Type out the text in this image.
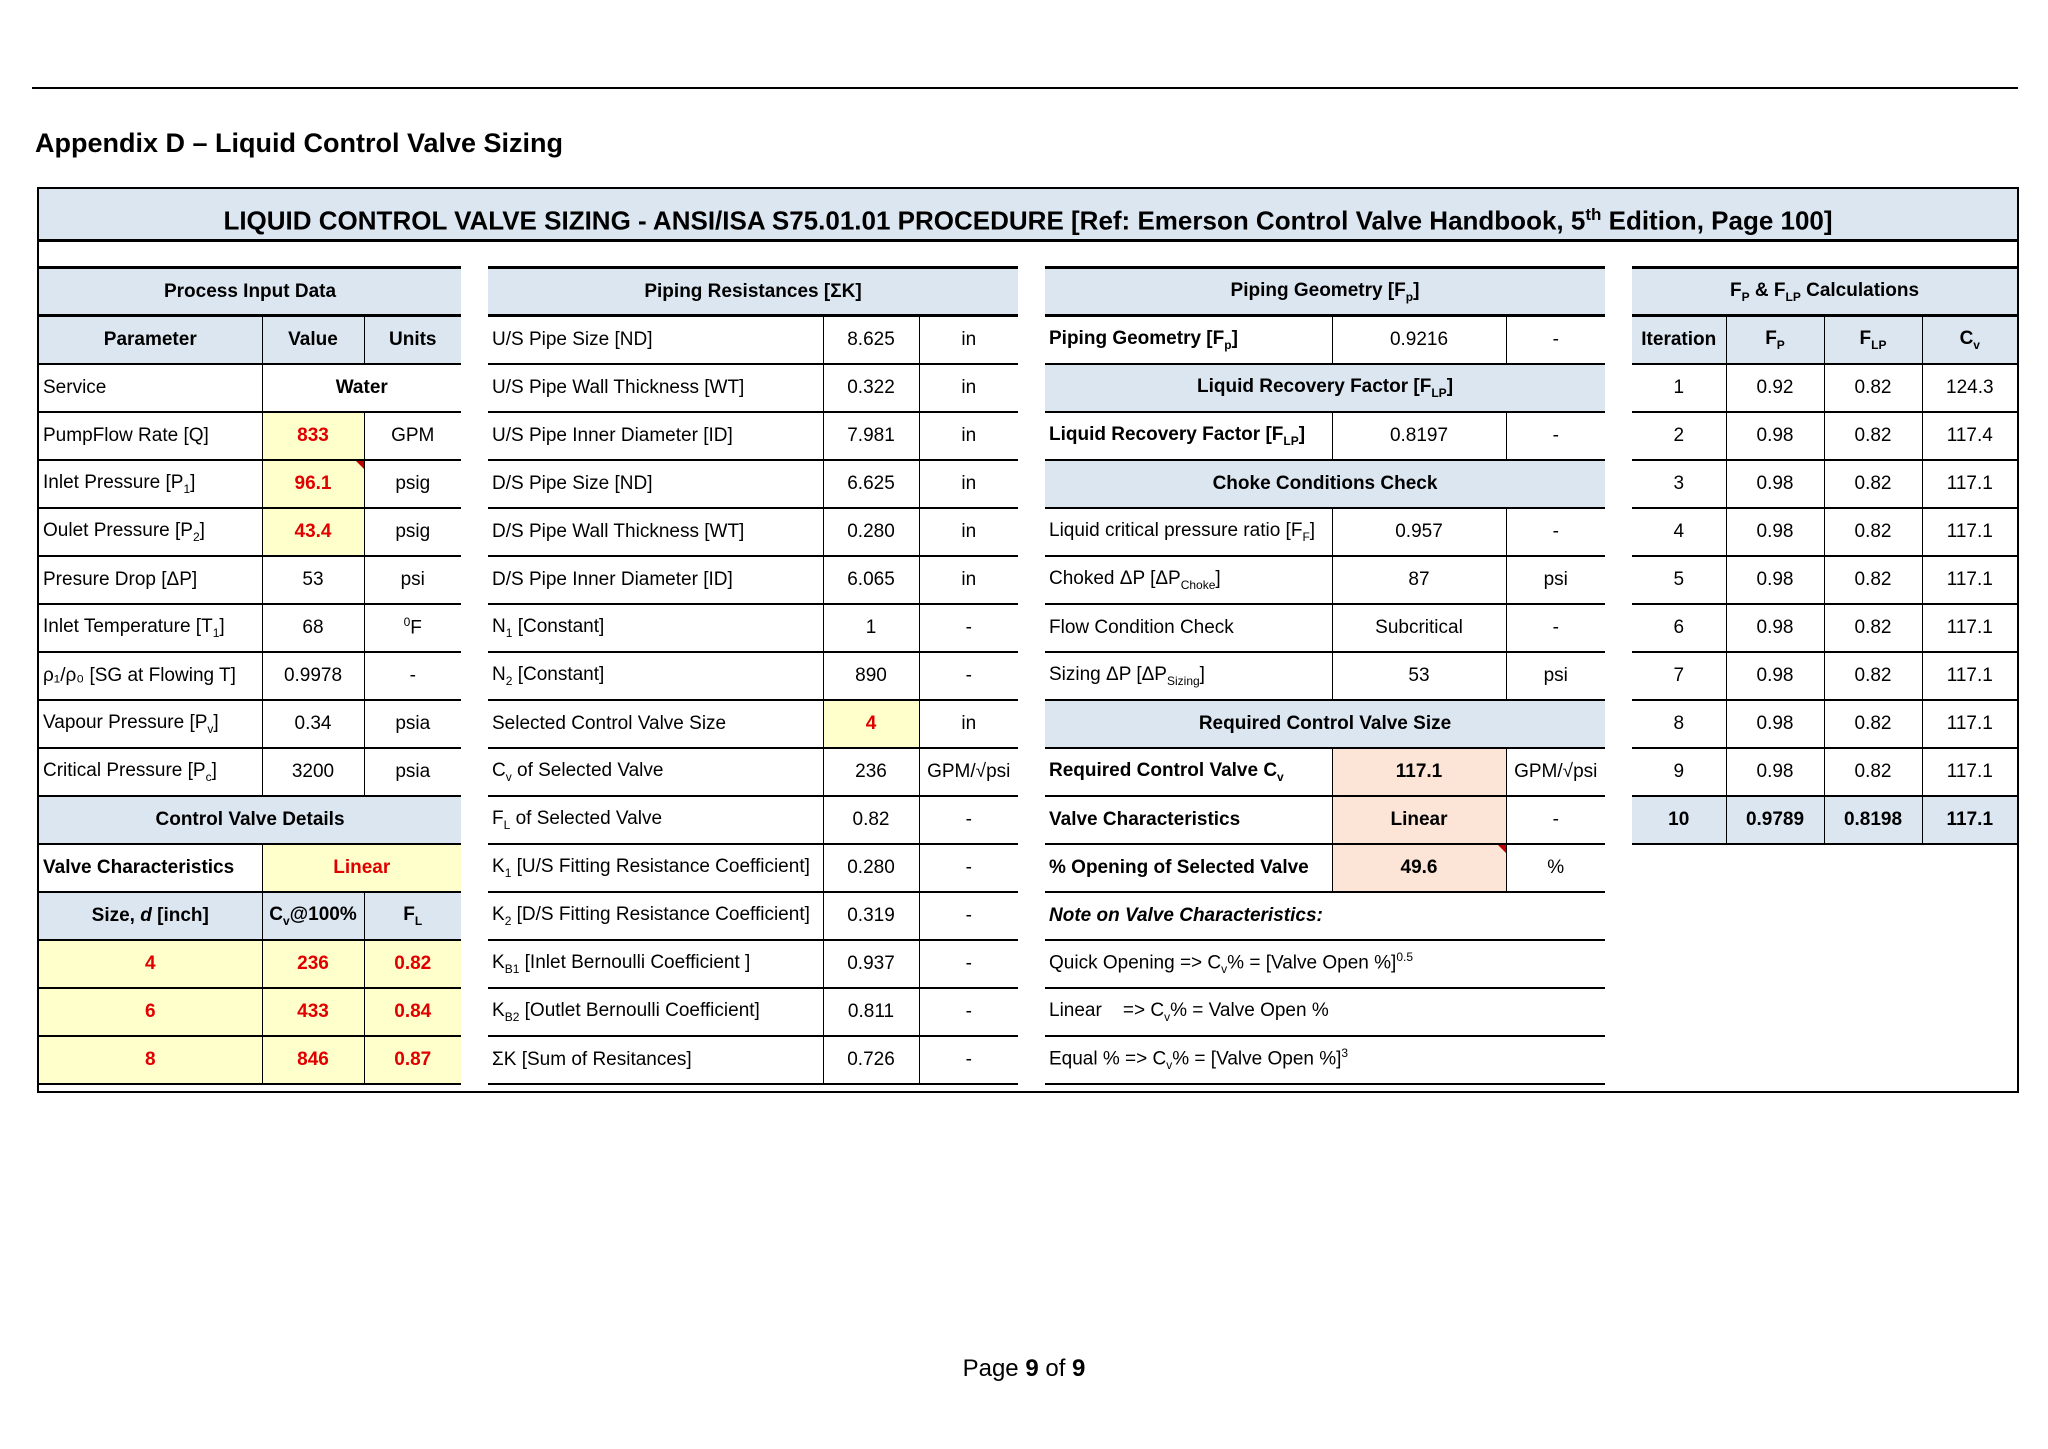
Appendix D – Liquid Control Valve Sizing
LIQUID CONTROL VALVE SIZING - ANSI/ISA S75.01.01 PROCEDURE [Ref: Emerson Control Valve Handbook, 5th Edition, Page 100]
Process Input Data		
Parameter	Value	Units
Service	Water	
PumpFlow Rate [Q]	833	GPM
Inlet Pressure $[P_1]$	96.1	psig
Oulet Pressure $[P_2]$	43.4	psig
Presure Drop [ΔP]	53	psi
Inlet Temperature $[T_1]$	68	$^0$F
ρ₁/ρ₀ [SG at Flowing T]	0.9978	-
Vapour Pressure $[P_v]$	0.34	psia
Critical Pressure $[P_c]$	3200	psia
Control Valve Details		
Valve Characteristics	Linear	
Size, d [inch]	$C_v@100\%$	$F_L$
4	236	0.82
6	433	0.84
8	846	0.87
Piping Resistances [ΣK]		
U/S Pipe Size [ND]	8.625	in
U/S Pipe Wall Thickness [WT]	0.322	in
U/S Pipe Inner Diameter [ID]	7.981	in
D/S Pipe Size [ND]	6.625	in
D/S Pipe Wall Thickness [WT]	0.280	in
D/S Pipe Inner Diameter [ID]	6.065	in
$N_1$ [Constant]	1	-
$N_2$ [Constant]	890	-
Selected Control Valve Size	4	in
$C_v$ of Selected Valve	236	GPM/√psi
$F_L$ of Selected Valve	0.82	-
$K_1$ [U/S Fitting Resistance Coefficient]	0.280	-
$K_2$ [D/S Fitting Resistance Coefficient]	0.319	-
$K_{B1}$ [Inlet Bernoulli Coefficient ]	0.937	-
$K_{B2}$ [Outlet Bernoulli Coefficient]	0.811	-
ΣK [Sum of Resitances]	0.726	-
Piping Geometry $[F_p]$		
Piping Geometry $[F_p]$	0.9216	-
Liquid Recovery Factor $[F_{LP}]$		
Liquid Recovery Factor $[F_{LP}]$	0.8197	-
Choke Conditions Check		
Liquid critical pressure ratio $[F_F]$	0.957	-
Choked ΔP $[\Delta P_{Choke}]$	87	psi
Flow Condition Check	Subcritical	-
Sizing ΔP $[\Delta P_{Sizing}]$	53	psi
Required Control Valve Size		
Required Control Valve $C_v$	117.1	GPM/√psi
Valve Characteristics	Linear	-
% Opening of Selected Valve	49.6	%
Note on Valve Characteristics:		
Quick Opening => $C_v\%$ = [Valve Open %]$^{0.5}$
Linear    => $C_v\%$ = Valve Open %		
Equal % => $C_v\%$ = [Valve Open %]$^3$
$F_P$ & $F_{LP}$ Calculations			
Iteration	$F_P$	$F_{LP}$	$C_v$
1	0.92	0.82	124.3
2	0.98	0.82	117.4
3	0.98	0.82	117.1
4	0.98	0.82	117.1
5	0.98	0.82	117.1
6	0.98	0.82	117.1
7	0.98	0.82	117.1
8	0.98	0.82	117.1
9	0.98	0.82	117.1
10	0.9789	0.8198	117.1
Page 9 of 9
